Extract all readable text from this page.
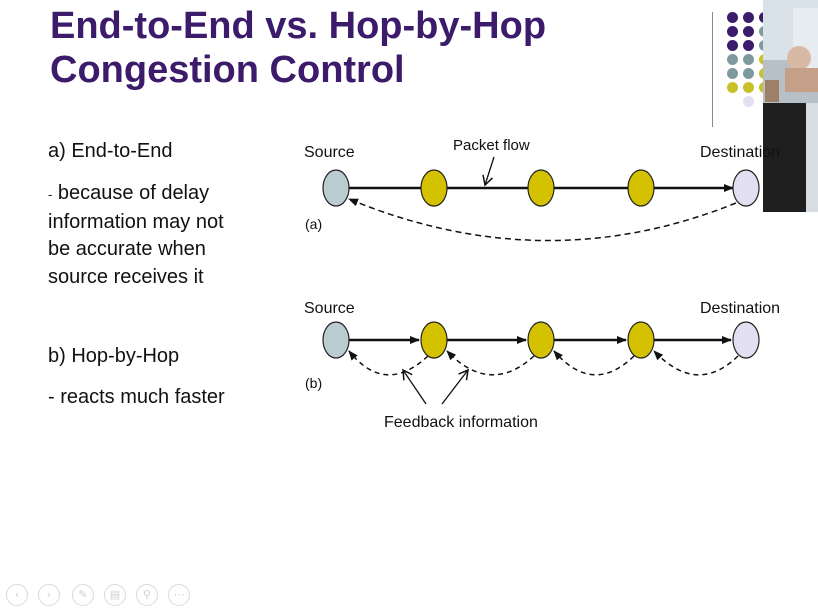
End-to-End vs. Hop-by-Hop
Congestion Control
a) End-to-End
- because of delay
information may not
be accurate when
source receives it
b) Hop-by-Hop
- reacts much faster
Source	Destination
Packet flow
(a)
Source	Destination
(b)
Feedback information
‹	›	✎	▤	⚲	⋯
